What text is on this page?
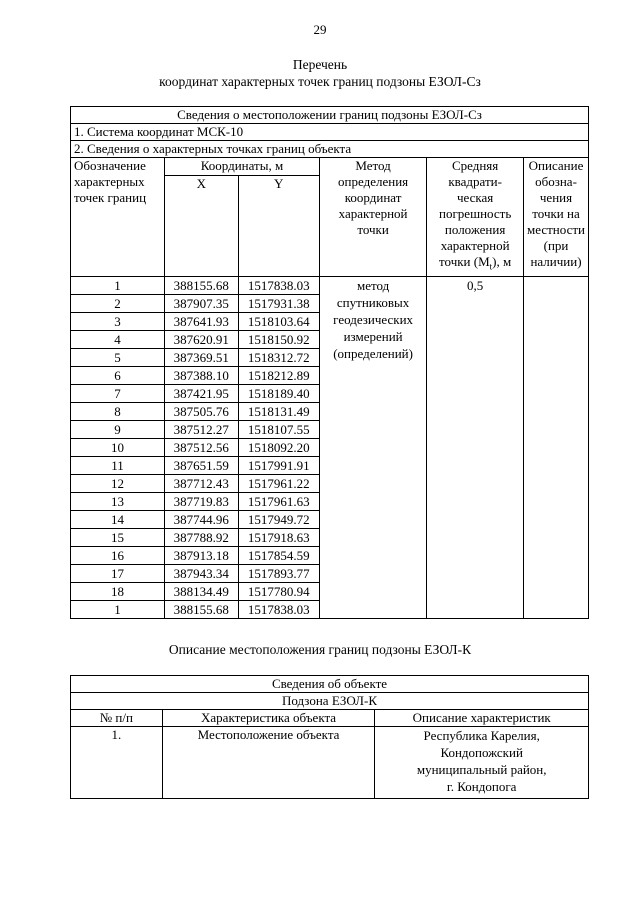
29
Перечень
координат характерных точек границ подзоны ЕЗОЛ-Сз
Сведения о местоположении границ подзоны ЕЗОЛ-Сз					
1. Система координат МСК-10					
2. Сведения о характерных точках границ объекта					
Обозначение характерных точек границ	Координаты, м		Метод определения координат характерной точки	Средняя квадрати-ческая погрешность положения характерной точки $(M_t)$, м	Описание обозна-чения точки на местности (при наличии)
	X	Y			
1	388155.68	1517838.03	метод спутниковых геодезических измерений (определений)	0,5	
2	387907.35	1517931.38			
3	387641.93	1518103.64			
4	387620.91	1518150.92			
5	387369.51	1518312.72			
6	387388.10	1518212.89			
7	387421.95	1518189.40			
8	387505.76	1518131.49			
9	387512.27	1518107.55			
10	387512.56	1518092.20			
11	387651.59	1517991.91			
12	387712.43	1517961.22			
13	387719.83	1517961.63			
14	387744.96	1517949.72			
15	387788.92	1517918.63			
16	387913.18	1517854.59			
17	387943.34	1517893.77			
18	388134.49	1517780.94			
1	388155.68	1517838.03			
Описание местоположения границ подзоны ЕЗОЛ-К
Сведения об объекте		
Подзона ЕЗОЛ-К		
№ п/п	Характеристика объекта	Описание характеристик
1.	Местоположение объекта	Республика Карелия,
Кондопожский
муниципальный район,
г. Кондопога
